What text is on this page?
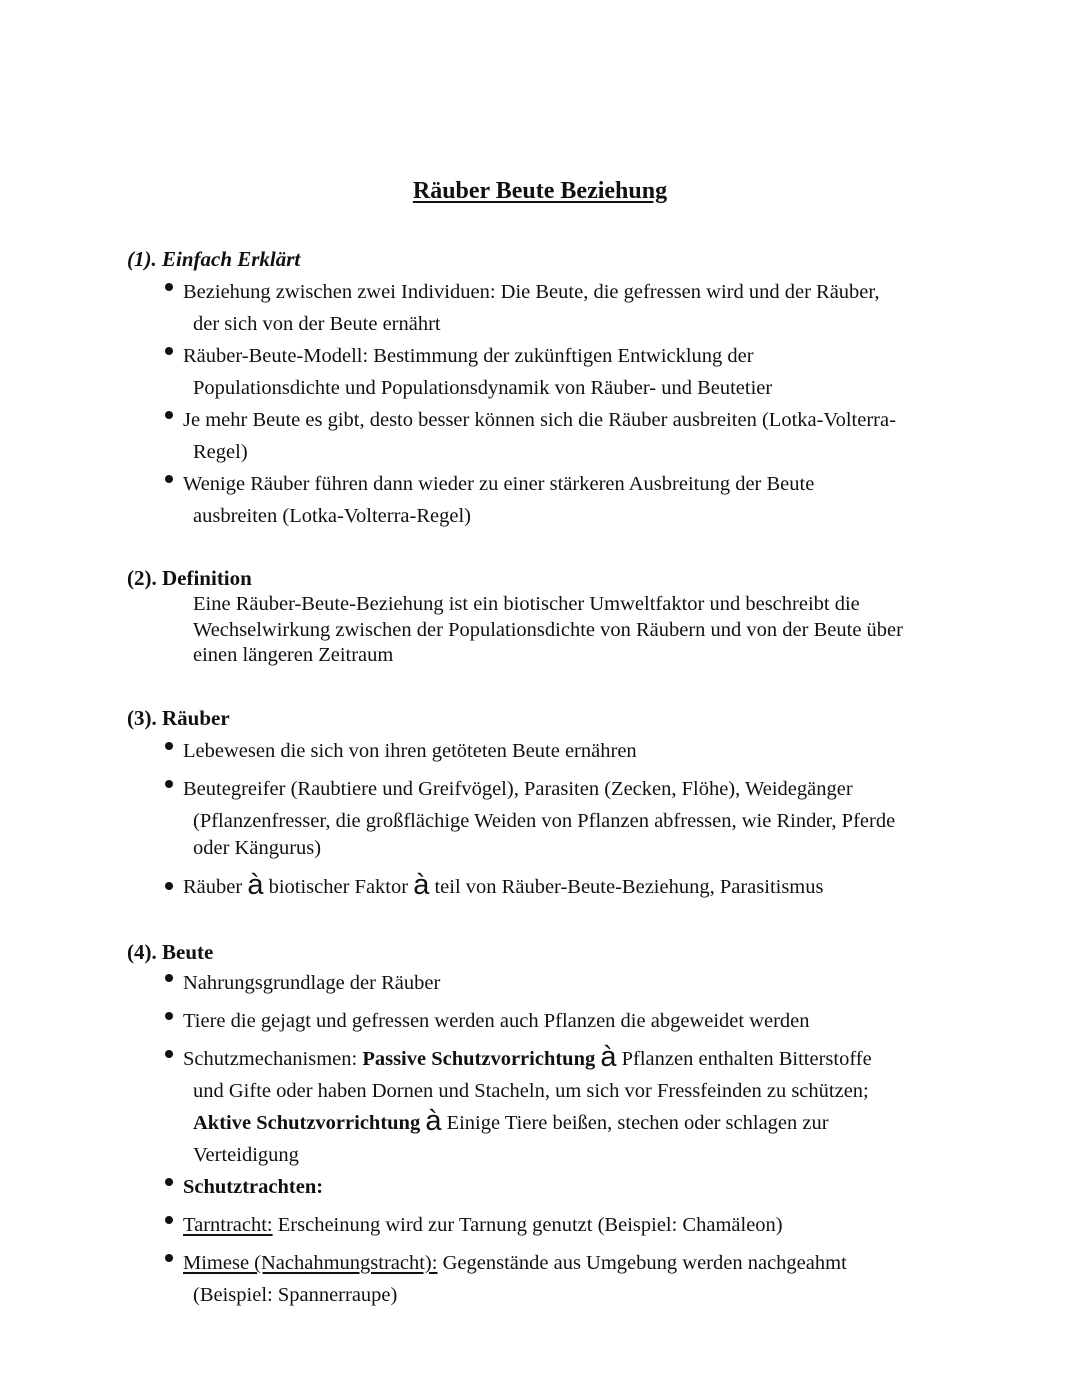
Räuber Beute Beziehung
(1). Einfach Erklärt
Beziehung zwischen zwei Individuen: Die Beute, die gefressen wird und der Räuber,
der sich von der Beute ernährt
Räuber-Beute-Modell: Bestimmung der zukünftigen Entwicklung der
Populationsdichte und Populationsdynamik von Räuber- und Beutetier
Je mehr Beute es gibt, desto besser können sich die Räuber ausbreiten (Lotka-Volterra-
Regel)
Wenige Räuber führen dann wieder zu einer stärkeren Ausbreitung der Beute
ausbreiten (Lotka-Volterra-Regel)
(2). Definition
Eine Räuber-Beute-Beziehung ist ein biotischer Umweltfaktor und beschreibt die
Wechselwirkung zwischen der Populationsdichte von Räubern und von der Beute über
einen längeren Zeitraum
(3). Räuber
Lebewesen die sich von ihren getöteten Beute ernähren
Beutegreifer (Raubtiere und Greifvögel), Parasiten (Zecken, Flöhe), Weidegänger
(Pflanzenfresser, die großflächige Weiden von Pflanzen abfressen, wie Rinder, Pferde
oder Kängurus)
Räuber à biotischer Faktor à teil von Räuber-Beute-Beziehung, Parasitismus
(4). Beute
Nahrungsgrundlage der Räuber
Tiere die gejagt und gefressen werden auch Pflanzen die abgeweidet werden
Schutzmechanismen: Passive Schutzvorrichtung à Pflanzen enthalten Bitterstoffe
und Gifte oder haben Dornen und Stacheln, um sich vor Fressfeinden zu schützen;
Aktive Schutzvorrichtung à Einige Tiere beißen, stechen oder schlagen zur
Verteidigung
Schutztrachten:
Tarntracht: Erscheinung wird zur Tarnung genutzt (Beispiel: Chamäleon)
Mimese (Nachahmungstracht): Gegenstände aus Umgebung werden nachgeahmt
(Beispiel: Spannerraupe)
